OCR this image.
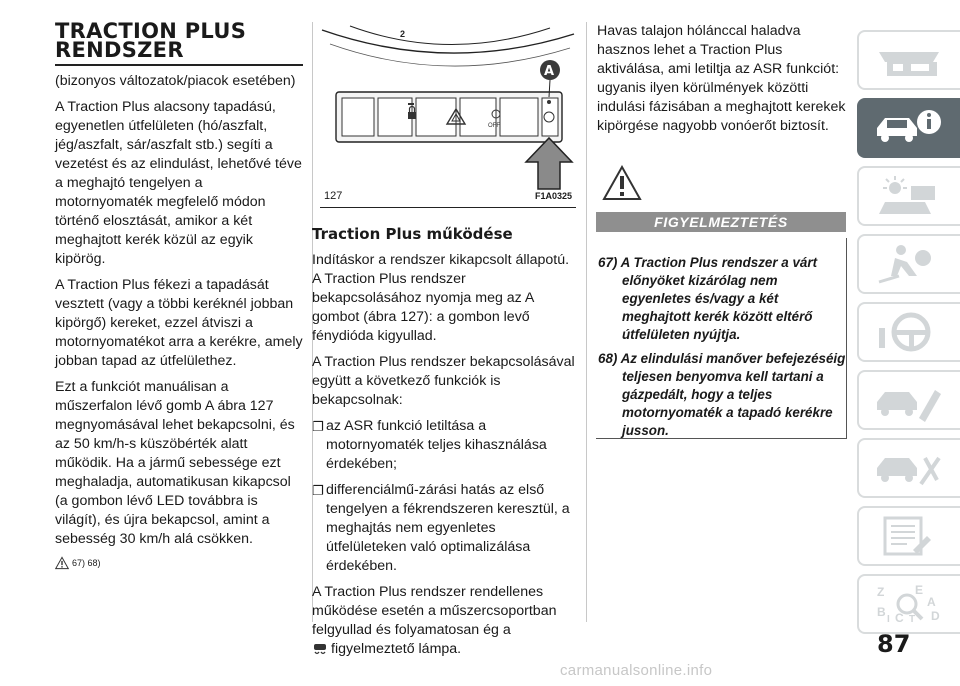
TRACTION PLUS
RENDSZER

(bizonyos változatok/piacok esetében)

A Traction Plus alacsony tapadású, egyenetlen útfelületen (hó/aszfalt, jég/aszfalt, sár/aszfalt stb.) segíti a vezetést és az elindulást, lehetővé téve a meghajtó tengelyen a motornyomaték megfelelő módon történő elosztását, amikor a két meghajtott kerék közül az egyik kipörög.

A Traction Plus fékezi a tapadását vesztett (vagy a többi keréknél jobban kipörgő) kereket, ezzel átviszi a motornyomatékot arra a kerékre, amely jobban tapad az útfelülethez.

Ezt a funkciót manuálisan a műszerfalon lévő gomb A ábra 127 megnyomásával lehet bekapcsolni, és az 50 km/h-s küszöbérték alatt működik. Ha a jármű sebessége ezt meghaladja, automatikusan kikapcsol (a gombon lévő LED továbbra is világít), és újra bekapcsol, amint a sebesség 30 km/h alá csökken.

67) 68)
2
OFF
A
127	F1A0325
Traction Plus működése

Indításkor a rendszer kikapcsolt állapotú. A Traction Plus rendszer bekapcsolásához nyomja meg az A gombot (ábra 127): a gombon levő fénydióda kigyullad.

A Traction Plus rendszer bekapcsolásával együtt a következő funkciók is bekapcsolnak:

❐ az ASR funkció letiltása a motornyomaték teljes kihasználása érdekében;
❐ differenciálmű-zárási hatás az első tengelyen a fékrendszeren keresztül, a meghajtás nem egyenletes útfelületeken való optimalizálása érdekében.

A Traction Plus rendszer rendellenes működése esetén a műszercsoportban felgyullad és folyamatosan ég a

figyelmeztető lámpa.

Havas talajon hólánccal haladva hasznos lehet a Traction Plus aktiválása, ami letiltja az ASR funkciót: ugyanis ilyen körülmények közötti indulási fázisában a meghajtott kerekek kipörgése nagyobb vonóerőt biztosít.

FIGYELMEZTETÉS

67) A Traction Plus rendszer a várt előnyöket kizárólag nem egyenletes és/vagy a két meghajtott kerék között eltérő útfelületen nyújtja.

68) Az elindulási manőver befejezéséig teljesen benyomva kell tartani a gázpedált, hogy a teljes motornyomaték a tapadó kerékre jusson.

Z	E
A
B C D
T
I
87
carmanualsonline.info
